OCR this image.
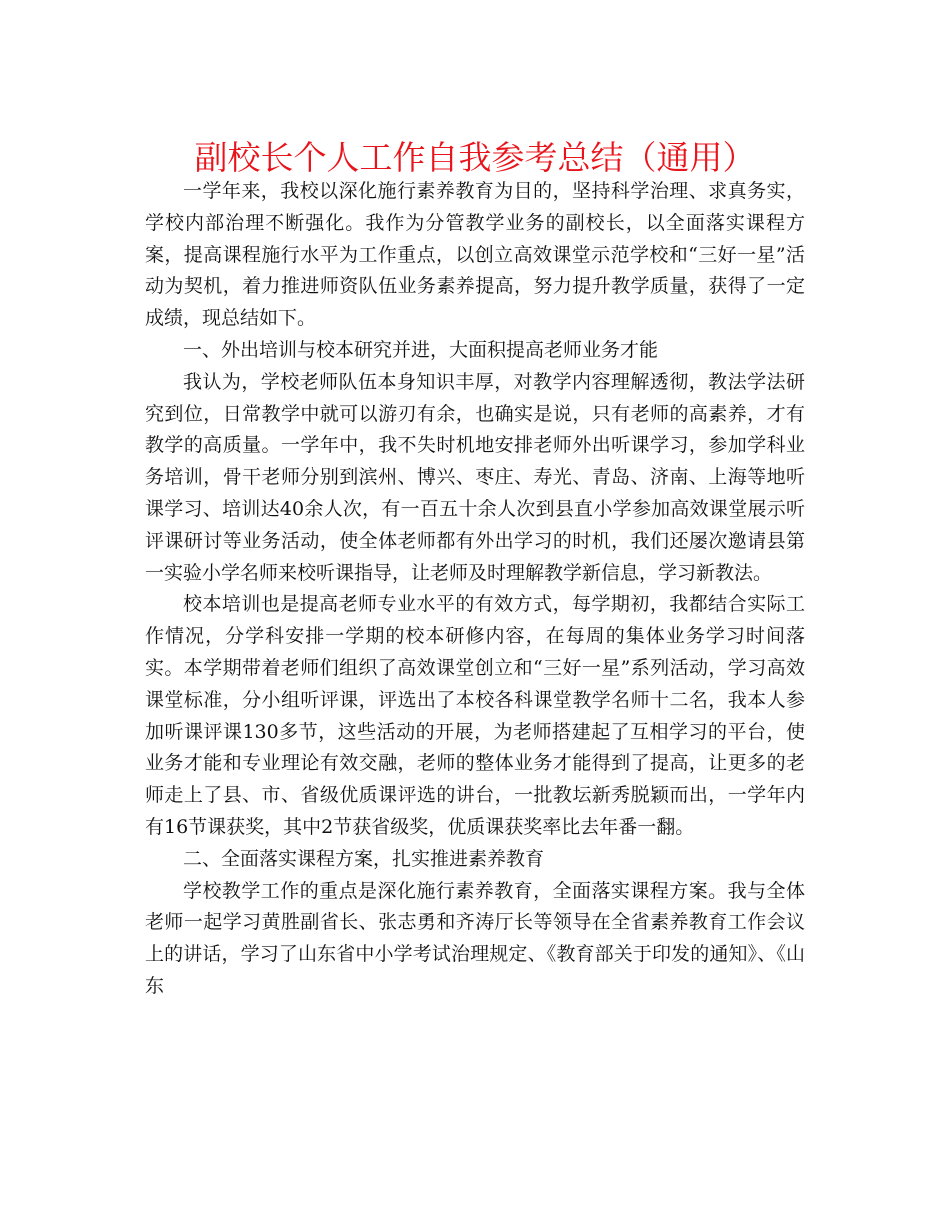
副校长个人工作自我参考总结（通用）

一学年来，我校以深化施行素养教育为目的，坚持科学治理、求真务实，学校内部治理不断强化。我作为分管教学业务的副校长，以全面落实课程方案，提高课程施行水平为工作重点，以创立高效课堂示范学校和“三好一星”活动为契机，着力推进师资队伍业务素养提高，努力提升教学质量，获得了一定成绩，现总结如下。

一、外出培训与校本研究并进，大面积提高老师业务才能

我认为，学校老师队伍本身知识丰厚，对教学内容理解透彻，教法学法研究到位，日常教学中就可以游刃有余，也确实是说，只有老师的高素养，才有教学的高质量。一学年中，我不失时机地安排老师外出听课学习，参加学科业务培训，骨干老师分别到滨州、博兴、枣庄、寿光、青岛、济南、上海等地听课学习、培训达40余人次，有一百五十余人次到县直小学参加高效课堂展示听评课研讨等业务活动，使全体老师都有外出学习的时机，我们还屡次邀请县第一实验小学名师来校听课指导，让老师及时理解教学新信息，学习新教法。

校本培训也是提高老师专业水平的有效方式，每学期初，我都结合实际工作情况，分学科安排一学期的校本研修内容，在每周的集体业务学习时间落实。本学期带着老师们组织了高效课堂创立和“三好一星”系列活动，学习高效课堂标准，分小组听评课，评选出了本校各科课堂教学名师十二名，我本人参加听课评课130多节，这些活动的开展，为老师搭建起了互相学习的平台，使业务才能和专业理论有效交融，老师的整体业务才能得到了提高，让更多的老师走上了县、市、省级优质课评选的讲台，一批教坛新秀脱颖而出，一学年内有16节课获奖，其中2节获省级奖，优质课获奖率比去年番一翻。

二、全面落实课程方案，扎实推进素养教育

学校教学工作的重点是深化施行素养教育，全面落实课程方案。我与全体老师一起学习黄胜副省长、张志勇和齐涛厅长等领导在全省素养教育工作会议上的讲话，学习了山东省中小学考试治理规定、《教育部关于印发的通知》、《山东
